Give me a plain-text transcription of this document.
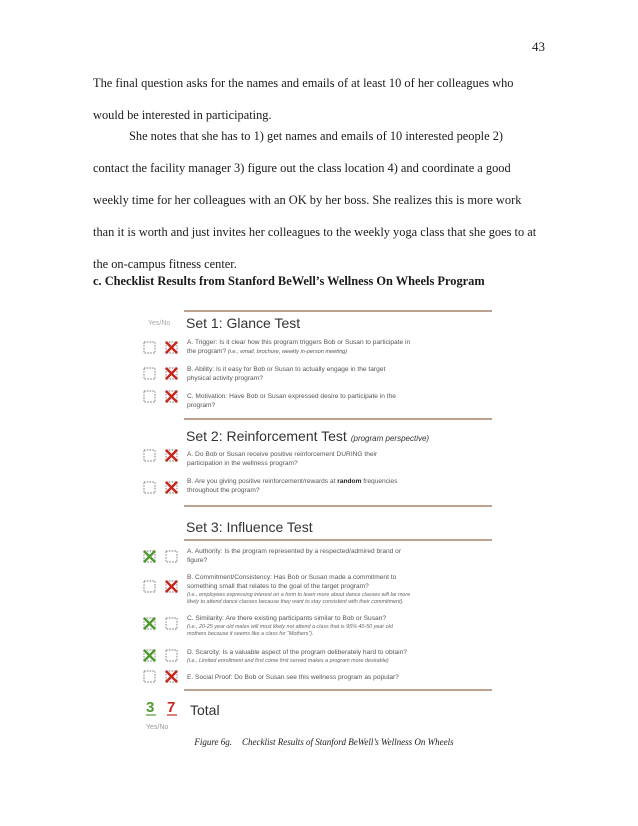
43
The final question asks for the names and emails of at least 10 of her colleagues who
would be interested in participating.
She notes that she has to 1) get names and emails of 10 interested people 2)
contact the facility manager 3) figure out the class location 4) and coordinate a good
weekly time for her colleagues with an OK by her boss. She realizes this is more work
than it is worth and just invites her colleagues to the weekly yoga class that she goes to at
the on-campus fitness center.
c. Checklist Results from Stanford BeWell’s Wellness On Wheels Program
Yes/No Set 1: Glance Test
A. Trigger: Is it clear how this program triggers Bob or Susan to participate in
the program? (i.e., email, brochure, weekly in-person meeting)
B. Ability: Is it easy for Bob or Susan to actually engage in the target
physical activity program?
C. Motivation: Have Bob or Susan expressed desire to participate in the
program?
Set 2: Reinforcement Test (program perspective)
A. Do Bob or Susan receive positive reinforcement DURING their
participation in the wellness program?
B. Are you giving positive reinforcement/rewards at random frequencies
throughout the program?
Set 3: Influence Test
A. Authority: Is the program represented by a respected/admired brand or
figure?
B. Commitment/Consistency: Has Bob or Susan made a commitment to
something small that relates to the goal of the target program?
(i.e., employees expressing interest on a form to learn more about dance classes will be more
likely to attend dance classes because they want to stay consistent with their commitment).
C. Similarity: Are there existing participants similar to Bob or Susan?
(i.e., 20-25 year old males will most likely not attend a class that is 95% 40-50 year old
mothers because it seems like a class for “Mothers”).
D. Scarcity: Is a valuable aspect of the program deliberately hard to obtain?
(i.e., Limited enrollment and first come first served makes a program more desirable)
E. Social Proof: Do Bob or Susan see this wellness program as popular?
3 7 Total
Yes/No
Figure 6g. Checklist Results of Stanford BeWell’s Wellness On Wheels
